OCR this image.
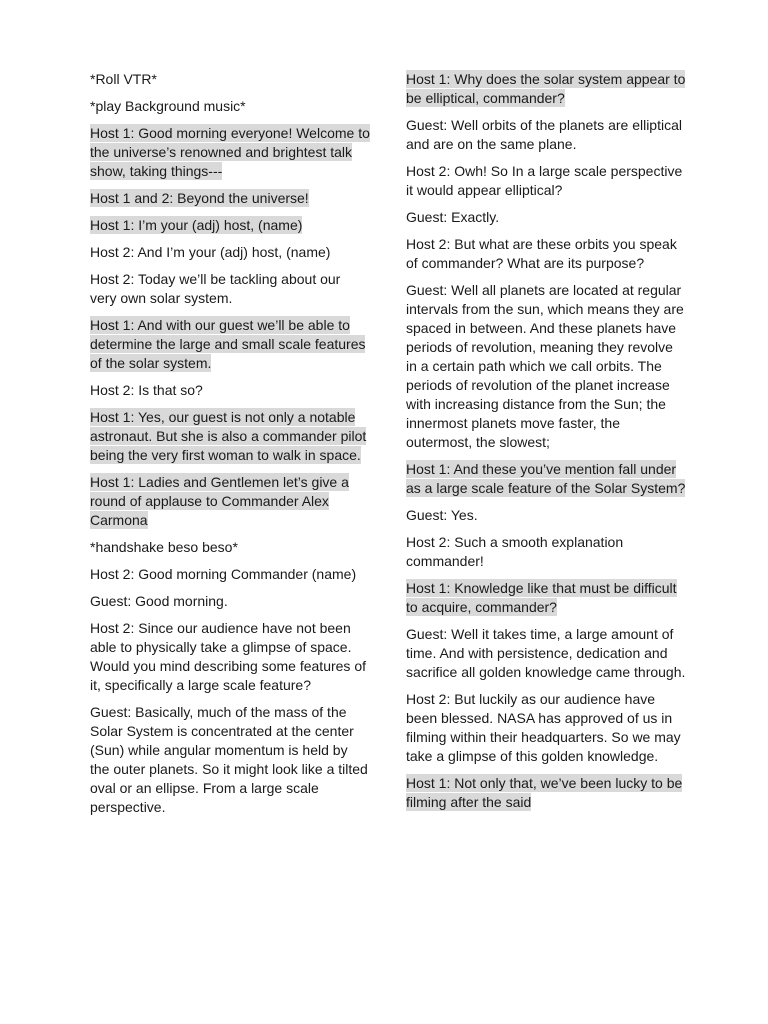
*Roll VTR*

*play Background music*

Host 1: Good morning everyone! Welcome to the universe’s renowned and brightest talk show, taking things---

Host 1 and 2: Beyond the universe!

Host 1: I’m your (adj) host, (name)

Host 2: And I’m your (adj) host, (name)

Host 2: Today we’ll be tackling about our very own solar system.

Host 1: And with our guest we’ll be able to determine the large and small scale features of the solar system.

Host 2: Is that so?

Host 1: Yes, our guest is not only a notable astronaut. But she is also a commander pilot being the very first woman to walk in space.

Host 1: Ladies and Gentlemen let’s give a round of applause to Commander Alex Carmona

*handshake beso beso*

Host 2: Good morning Commander (name)

Guest: Good morning.

Host 2: Since our audience have not been able to physically take a glimpse of space. Would you mind describing some features of it, specifically a large scale feature?

Guest: Basically, much of the mass of the Solar System is concentrated at the center (Sun) while angular momentum is held by the outer planets. So it might look like a tilted oval or an ellipse. From a large scale perspective.

Host 1: Why does the solar system appear to be elliptical, commander?

Guest: Well orbits of the planets are elliptical and are on the same plane.

Host 2: Owh! So In a large scale perspective it would appear elliptical?

Guest: Exactly.

Host 2: But what are these orbits you speak of commander? What are its purpose?

Guest: Well all planets are located at regular intervals from the sun, which means they are spaced in between. And these planets have periods of revolution, meaning they revolve in a certain path which we call orbits. The periods of revolution of the planet increase with increasing distance from the Sun; the innermost planets move faster, the outermost, the slowest;

Host 1: And these you’ve mention fall under as a large scale feature of the Solar System?

Guest: Yes.

Host 2: Such a smooth explanation commander!

Host 1: Knowledge like that must be difficult to acquire, commander?

Guest: Well it takes time, a large amount of time. And with persistence, dedication and sacrifice all golden knowledge came through.

Host 2: But luckily as our audience have been blessed. NASA has approved of us in filming within their headquarters. So we may take a glimpse of this golden knowledge.

Host 1: Not only that, we’ve been lucky to be filming after the said
